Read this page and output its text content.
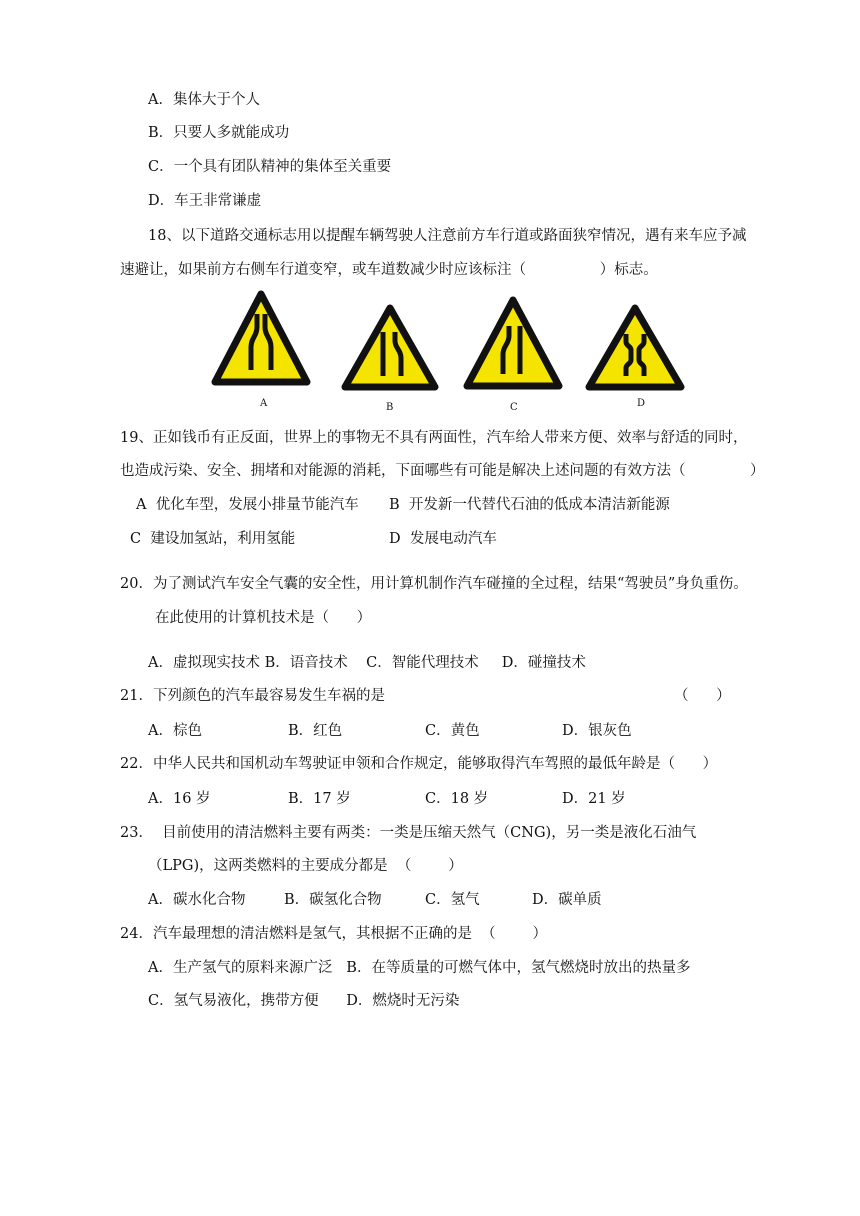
A．集体大于个人
B．只要人多就能成功
C．一个具有团队精神的集体至关重要
D．车王非常谦虚
18、以下道路交通标志用以提醒车辆驾驶人注意前方车行道或路面狭窄情况，遇有来车应予减
速避让，如果前方右侧车行道变窄，或车道数减少时应该标注（                ）标志。
A	B	C	D
19、正如钱币有正反面，世界上的事物无不具有两面性，汽车给人带来方便、效率与舒适的同时，
也造成污染、安全、拥堵和对能源的消耗，下面哪些有可能是解决上述问题的有效方法（              ）
A  优化车型，发展小排量节能汽车 B  开发新一代替代石油的低成本清洁新能源
C  建设加氢站，利用氢能	D  发展电动汽车
20．为了测试汽车安全气囊的安全性，用计算机制作汽车碰撞的全过程，结果“驾驶员”身负重伤。
在此使用的计算机技术是（      ）
A．虚拟现实技术 B．语音技术    C．智能代理技术     D．碰撞技术
21．下列颜色的汽车最容易发生车祸的是	（      ）
A．棕色	B．红色	C．黄色	D．银灰色
22．中华人民共和国机动车驾驶证申领和合作规定，能够取得汽车驾照的最低年龄是（      ）
A．16 岁	B．17 岁	C．18 岁	D．21 岁
23．  目前使用的清洁燃料主要有两类：一类是压缩天然气（CNG)，另一类是液化石油气
（LPG)，这两类燃料的主要成分都是  （        ）
A．碳水化合物	B．碳氢化合物	C．氢气	D．碳单质
24．汽车最理想的清洁燃料是氢气，其根据不正确的是  （        ）
A．生产氢气的原料来源广泛   B．在等质量的可燃气体中，氢气燃烧时放出的热量多
C．氢气易液化，携带方便      D．燃烧时无污染
